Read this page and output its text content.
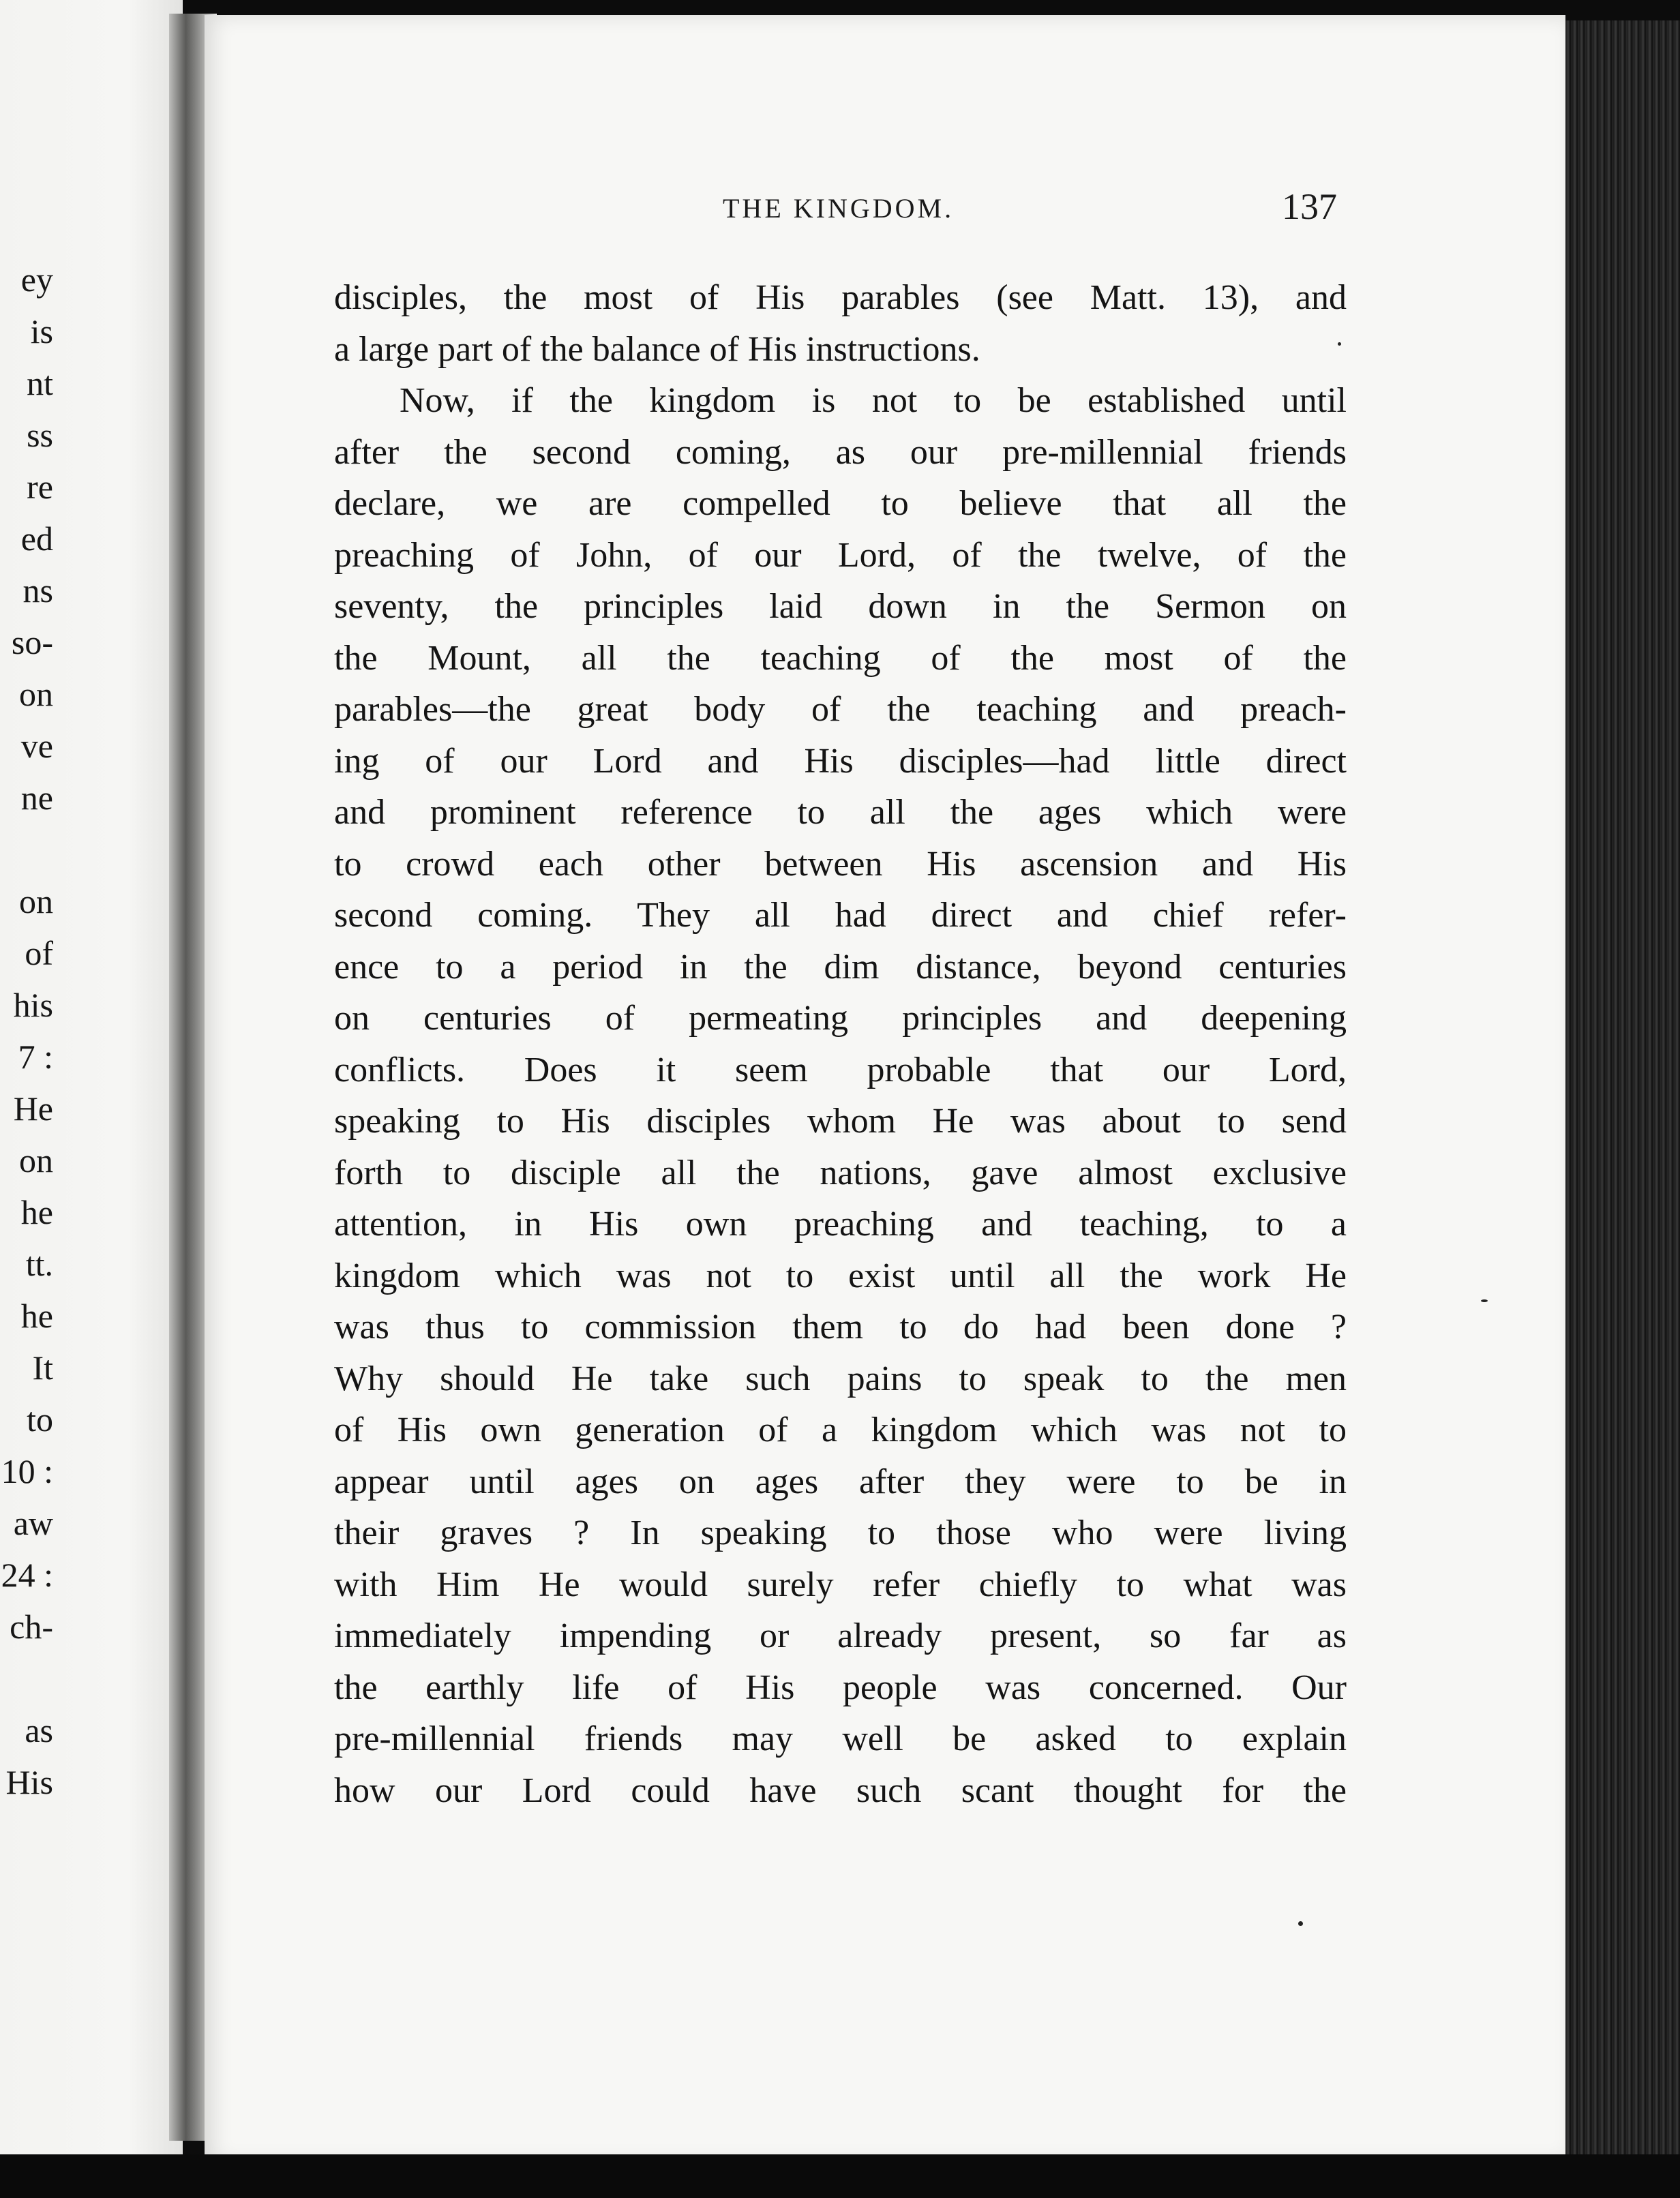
ey
is
nt
ss
re
ed
ns
so-
on
ve
ne
on
of
his
7 :
He
on
he
tt.
he
It
to
10 :
aw
24 :
ch-
as
His
THE KINGDOM.	137
disciples, the most of His parables (see Matt. 13), and
a large part of the balance of His instructions.
Now, if the kingdom is not to be established until
after the second coming, as our pre-millennial friends
declare, we are compelled to believe that all the
preaching of John, of our Lord, of the twelve, of the
seventy, the principles laid down in the Sermon on
the Mount, all the teaching of the most of the
parables—the great body of the teaching and preach-
ing of our Lord and His disciples—had little direct
and prominent reference to all the ages which were
to crowd each other between His ascension and His
second coming. They all had direct and chief refer-
ence to a period in the dim distance, beyond centuries
on centuries of permeating principles and deepening
conflicts. Does it seem probable that our Lord,
speaking to His disciples whom He was about to send
forth to disciple all the nations, gave almost exclusive
attention, in His own preaching and teaching, to a
kingdom which was not to exist until all the work He
was thus to commission them to do had been done ?
Why should He take such pains to speak to the men
of His own generation of a kingdom which was not to
appear until ages on ages after they were to be in
their graves ? In speaking to those who were living
with Him He would surely refer chiefly to what was
immediately impending or already present, so far as
the earthly life of His people was concerned. Our
pre-millennial friends may well be asked to explain
how our Lord could have such scant thought for the
